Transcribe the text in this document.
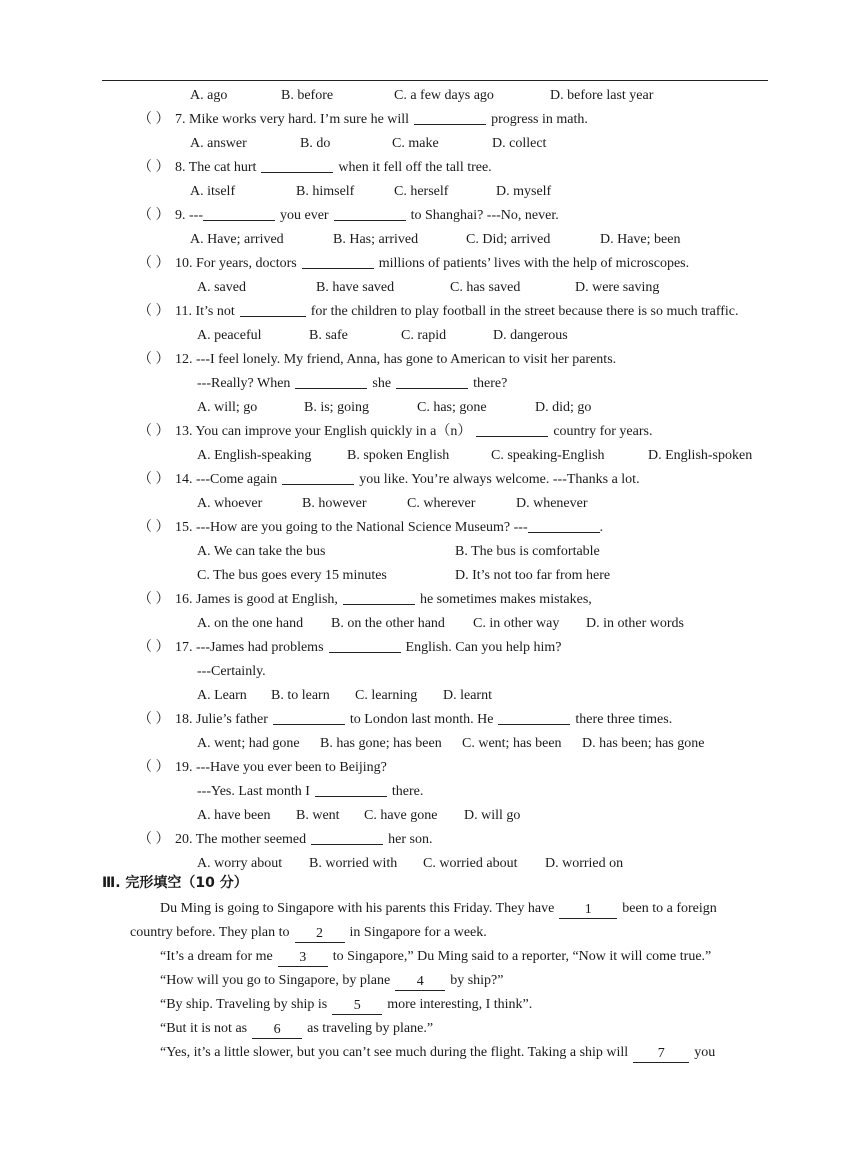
A. ago	B. before	C. a few days ago	D. before last year
（ ） 7. Mike works very hard. I’m sure he will	progress in math.
A. answer	B. do	C. make	D. collect
（ ） 8. The cat hurt	when it fell off the tall tree.
A. itself	B. himself	C. herself	D. myself
（ ） 9. ---	you ever	to Shanghai? ---No, never.
A. Have; arrived	B. Has; arrived	C. Did; arrived	D. Have; been
（ ） 10. For years, doctors	millions of patients’ lives with the help of microscopes.
A. saved	B. have saved	C. has saved	D. were saving
（ ） 11. It’s not	for the children to play football in the street because there is so much traffic.
A. peaceful	B. safe	C. rapid	D. dangerous
（ ） 12. ---I feel lonely. My friend, Anna, has gone to American to visit her parents.
---Really? When	she	there?
A. will; go	B. is; going	C. has; gone	D. did; go
（ ） 13. You can improve your English quickly in a（n）	country for years.
A. English-speaking	B. spoken English	C. speaking-English	D. English-spoken
（ ） 14. ---Come again	you like. You’re always welcome. ---Thanks a lot.
A. whoever	B. however	C. wherever	D. whenever
（ ） 15. ---How are you going to the National Science Museum? ---	.
A. We can take the bus	B. The bus is comfortable
C. The bus goes every 15 minutes	D. It’s not too far from here
（ ） 16. James is good at English,	he sometimes makes mistakes,
A. on the one hand B. on the other hand C. in other way D. in other words
（ ） 17. ---James had problems	English. Can you help him?
---Certainly.
A. Learn B. to learn C. learning D. learnt
（ ） 18. Julie’s father	to London last month. He	there three times.
A. went; had gone B. has gone; has been C. went; has been D. has been; has gone
（ ） 19. ---Have you ever been to Beijing?
---Yes. Last month I	there.
A. have been B. went C. have gone D. will go
（ ） 20. The mother seemed	her son.
A. worry about B. worried with C. worried about D. worried on
Ⅲ. 完形填空（10 分）
Du Ming is going to Singapore with his parents this Friday. They have 1 been to a foreign
country before. They plan to 2 in Singapore for a week.
“It’s a dream for me 3 to Singapore,” Du Ming said to a reporter, “Now it will come true.”
“How will you go to Singapore, by plane 4 by ship?”
“By ship. Traveling by ship is 5 more interesting, I think”.
“But it is not as 6 as traveling by plane.”
“Yes, it’s a little slower, but you can’t see much during the flight. Taking a ship will 7 you
